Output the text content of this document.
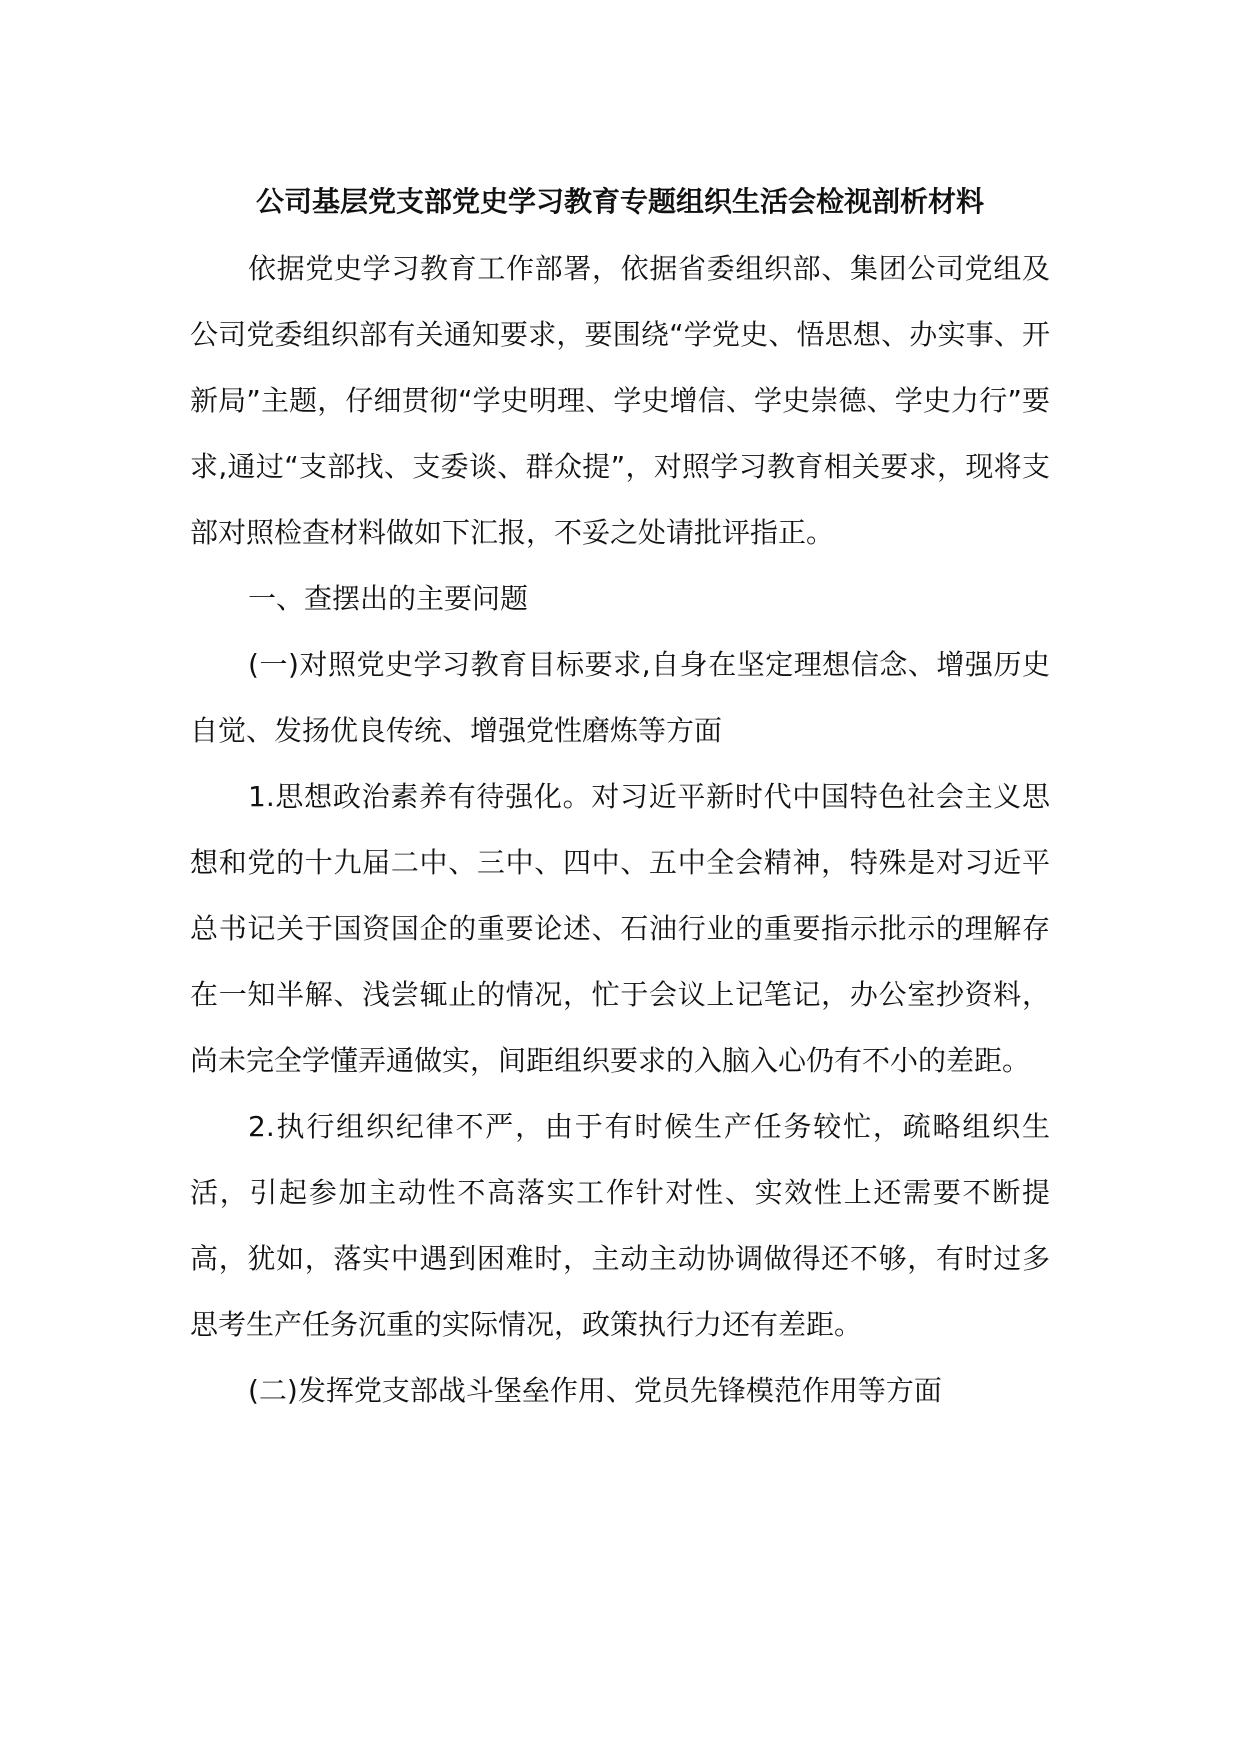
公司基层党支部党史学习教育专题组织生活会检视剖析材料

依据党史学习教育工作部署，依据省委组织部、集团公司党组及公司党委组织部有关通知要求，要围绕“学党史、悟思想、办实事、开新局”主题，仔细贯彻“学史明理、学史增信、学史崇德、学史力行”要求,通过“支部找、支委谈、群众提”，对照学习教育相关要求，现将支部对照检查材料做如下汇报，不妥之处请批评指正。

一、查摆出的主要问题

(一)对照党史学习教育目标要求,自身在坚定理想信念、增强历史自觉、发扬优良传统、增强党性磨炼等方面

1.思想政治素养有待强化。对习近平新时代中国特色社会主义思想和党的十九届二中、三中、四中、五中全会精神，特殊是对习近平总书记关于国资国企的重要论述、石油行业的重要指示批示的理解存在一知半解、浅尝辄止的情况，忙于会议上记笔记，办公室抄资料，尚未完全学懂弄通做实，间距组织要求的入脑入心仍有不小的差距。

2.执行组织纪律不严，由于有时候生产任务较忙，疏略组织生活，引起参加主动性不高落实工作针对性、实效性上还需要不断提高，犹如，落实中遇到困难时，主动主动协调做得还不够，有时过多思考生产任务沉重的实际情况，政策执行力还有差距。

(二)发挥党支部战斗堡垒作用、党员先锋模范作用等方面
